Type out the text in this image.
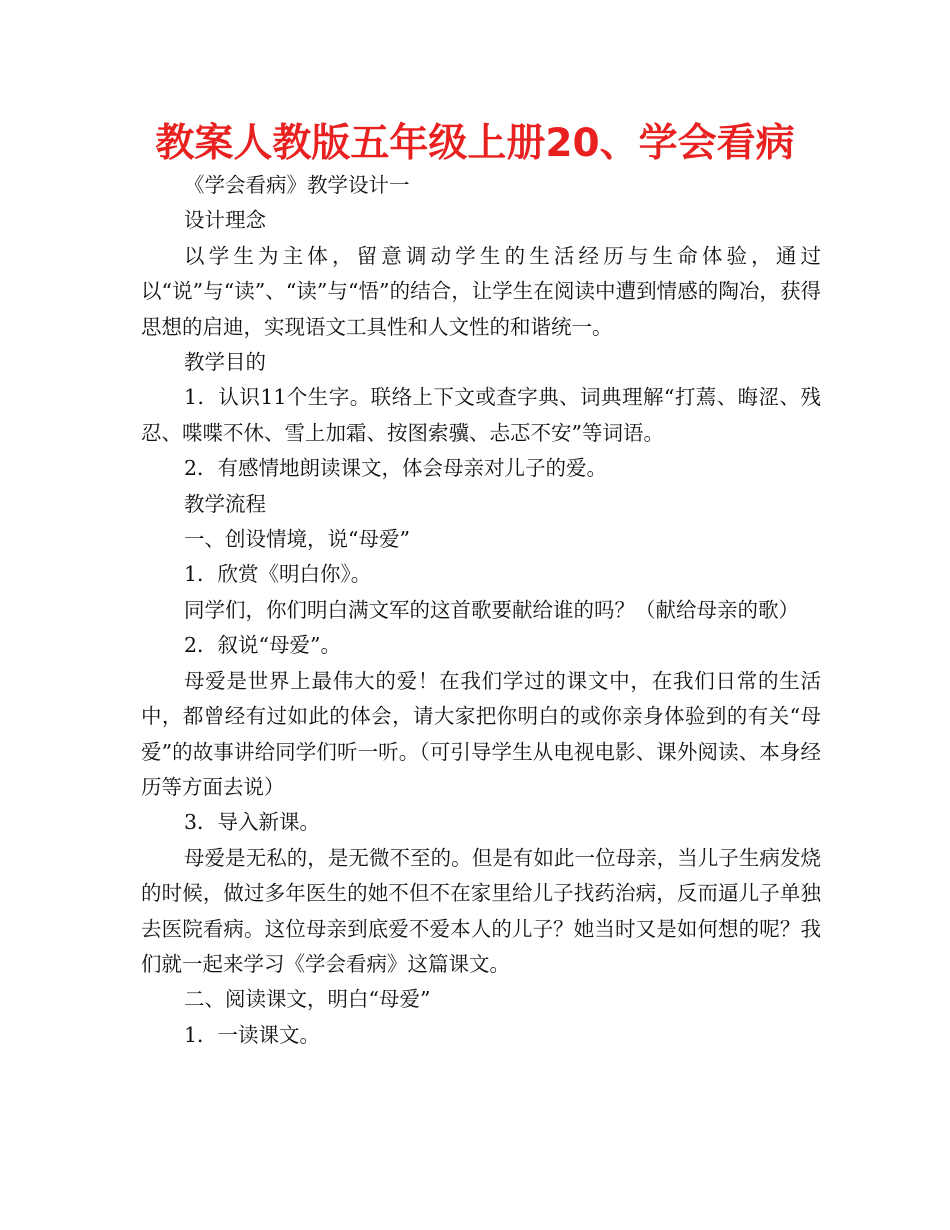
教案人教版五年级上册20、学会看病

《学会看病》教学设计一

设计理念

以学生为主体，留意调动学生的生活经历与生命体验，通过以“说”与“读”、“读”与“悟”的结合，让学生在阅读中遭到情感的陶冶，获得思想的启迪，实现语文工具性和人文性的和谐统一。

教学目的

1．认识11个生字。联络上下文或查字典、词典理解“打蔫、晦涩、残忍、喋喋不休、雪上加霜、按图索骥、忐忑不安”等词语。

2．有感情地朗读课文，体会母亲对儿子的爱。

教学流程

一、创设情境，说“母爱”

1．欣赏《明白你》。

同学们，你们明白满文军的这首歌要献给谁的吗？（献给母亲的歌）

2．叙说“母爱”。

母爱是世界上最伟大的爱！在我们学过的课文中，在我们日常的生活中，都曾经有过如此的体会，请大家把你明白的或你亲身体验到的有关“母爱”的故事讲给同学们听一听。（可引导学生从电视电影、课外阅读、本身经历等方面去说）

3．导入新课。

母爱是无私的，是无微不至的。但是有如此一位母亲，当儿子生病发烧的时候，做过多年医生的她不但不在家里给儿子找药治病，反而逼儿子单独去医院看病。这位母亲到底爱不爱本人的儿子？她当时又是如何想的呢？我们就一起来学习《学会看病》这篇课文。

二、阅读课文，明白“母爱”

1．一读课文。
